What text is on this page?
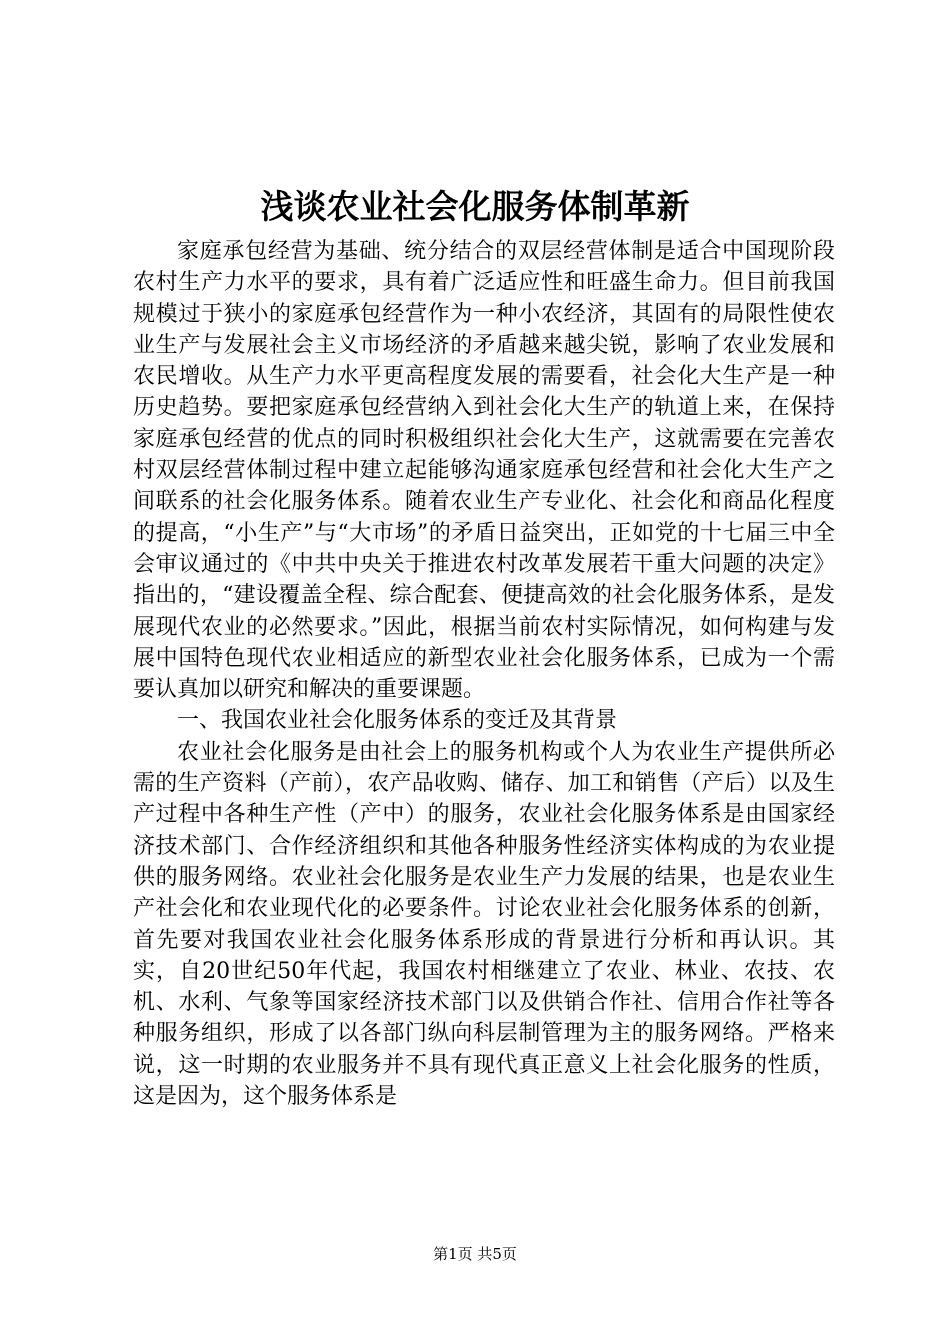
浅谈农业社会化服务体制革新

家庭承包经营为基础、统分结合的双层经营体制是适合中国现阶段农村生产力水平的要求，具有着广泛适应性和旺盛生命力。但目前我国规模过于狭小的家庭承包经营作为一种小农经济，其固有的局限性使农业生产与发展社会主义市场经济的矛盾越来越尖锐，影响了农业发展和农民增收。从生产力水平更高程度发展的需要看，社会化大生产是一种历史趋势。要把家庭承包经营纳入到社会化大生产的轨道上来，在保持家庭承包经营的优点的同时积极组织社会化大生产，这就需要在完善农村双层经营体制过程中建立起能够沟通家庭承包经营和社会化大生产之间联系的社会化服务体系。随着农业生产专业化、社会化和商品化程度的提高，“小生产”与“大市场”的矛盾日益突出，正如党的十七届三中全会审议通过的《中共中央关于推进农村改革发展若干重大问题的决定》指出的，“建设覆盖全程、综合配套、便捷高效的社会化服务体系，是发展现代农业的必然要求。”因此，根据当前农村实际情况，如何构建与发展中国特色现代农业相适应的新型农业社会化服务体系，已成为一个需要认真加以研究和解决的重要课题。

一、我国农业社会化服务体系的变迁及其背景

农业社会化服务是由社会上的服务机构或个人为农业生产提供所必需的生产资料（产前），农产品收购、储存、加工和销售（产后）以及生产过程中各种生产性（产中）的服务，农业社会化服务体系是由国家经济技术部门、合作经济组织和其他各种服务性经济实体构成的为农业提供的服务网络。农业社会化服务是农业生产力发展的结果，也是农业生产社会化和农业现代化的必要条件。讨论农业社会化服务体系的创新，首先要对我国农业社会化服务体系形成的背景进行分析和再认识。其实，自20世纪50年代起，我国农村相继建立了农业、林业、农技、农机、水利、气象等国家经济技术部门以及供销合作社、信用合作社等各种服务组织，形成了以各部门纵向科层制管理为主的服务网络。严格来说，这一时期的农业服务并不具有现代真正意义上社会化服务的性质，这是因为，这个服务体系是

第1页 共5页
